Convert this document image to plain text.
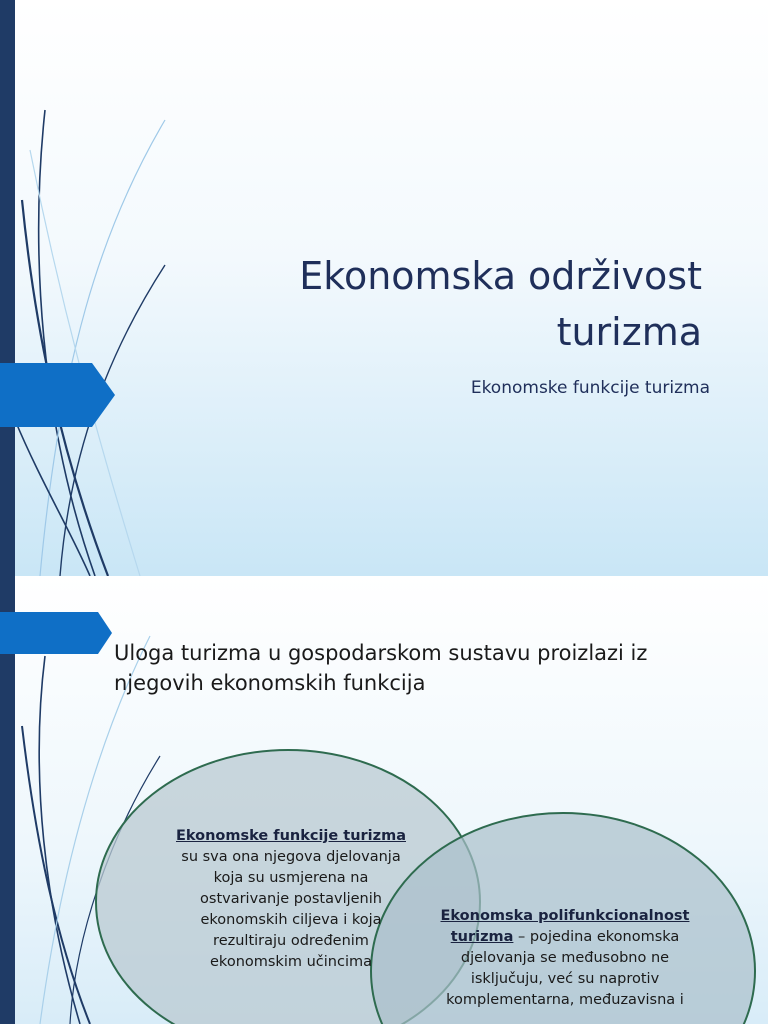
Ekonomska održivost
turizma

Ekonomske funkcije turizma

Uloga turizma u gospodarskom sustavu proizlazi iz
njegovih ekonomskih funkcija

Ekonomske funkcije turizma
su sva ona njegova djelovanja
koja su usmjerena na
ostvarivanje postavljenih
ekonomskih ciljeva i koja
rezultiraju određenim
ekonomskim učincima

Ekonomska polifunkcionalnost
turizma – pojedina ekonomska
djelovanja se međusobno ne
isključuju, već su naprotiv
komplementarna, međuzavisna i
